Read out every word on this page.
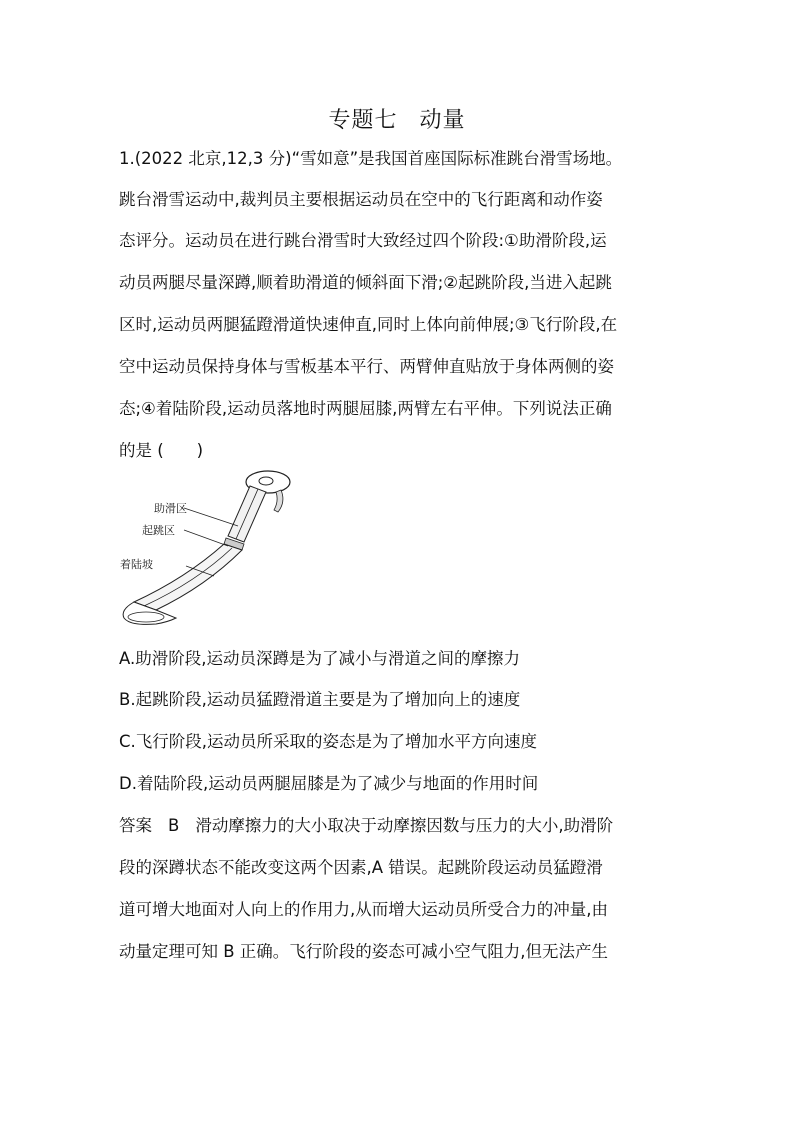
专题七 动量
1.(2022 北京,12,3 分)“雪如意”是我国首座国际标准跳台滑雪场地。
跳台滑雪运动中,裁判员主要根据运动员在空中的飞行距离和动作姿
态评分。运动员在进行跳台滑雪时大致经过四个阶段:①助滑阶段,运
动员两腿尽量深蹲,顺着助滑道的倾斜面下滑;②起跳阶段,当进入起跳
区时,运动员两腿猛蹬滑道快速伸直,同时上体向前伸展;③飞行阶段,在
空中运动员保持身体与雪板基本平行、两臂伸直贴放于身体两侧的姿
态;④着陆阶段,运动员落地时两腿屈膝,两臂左右平伸。下列说法正确
的是 (　　)
助滑区
起跳区
着陆坡
A.助滑阶段,运动员深蹲是为了减小与滑道之间的摩擦力
B.起跳阶段,运动员猛蹬滑道主要是为了增加向上的速度
C.飞行阶段,运动员所采取的姿态是为了增加水平方向速度
D.着陆阶段,运动员两腿屈膝是为了减少与地面的作用时间
答案 B 滑动摩擦力的大小取决于动摩擦因数与压力的大小,助滑阶
段的深蹲状态不能改变这两个因素,A 错误。起跳阶段运动员猛蹬滑
道可增大地面对人向上的作用力,从而增大运动员所受合力的冲量,由
动量定理可知 B 正确。飞行阶段的姿态可减小空气阻力,但无法产生
